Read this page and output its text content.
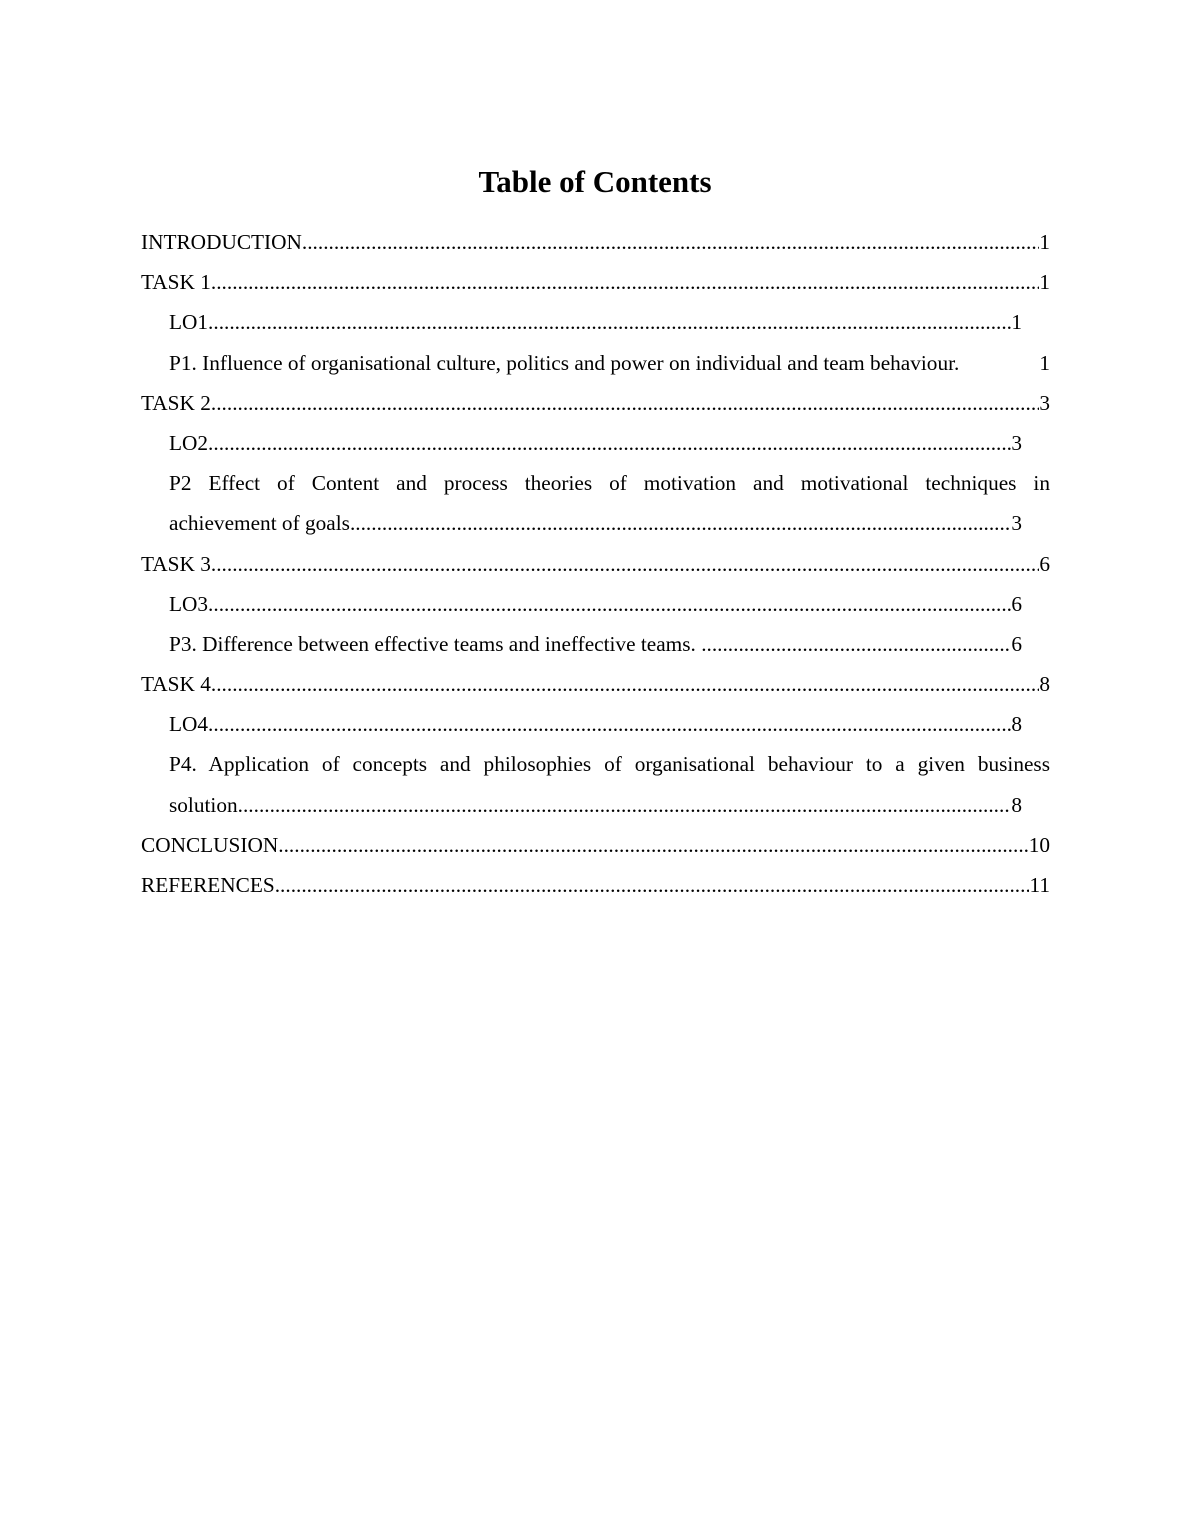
Table of Contents
INTRODUCTION .....	1
TASK 1 .....	1
LO1 .....	1
P1. Influence of organisational culture, politics and power on individual and team behaviour.	1
TASK 2 .....	3
LO2 .....	3
P2 Effect of Content and process theories of motivation and motivational techniques in
achievement of goals .....	3
TASK 3 .....	6
LO3 .....	6
P3. Difference between effective teams and ineffective teams. .....	6
TASK 4 .....	8
LO4 .....	8
P4. Application of concepts and philosophies of organisational behaviour to a given business
solution .....	8
CONCLUSION .....	10
REFERENCES .....	11
